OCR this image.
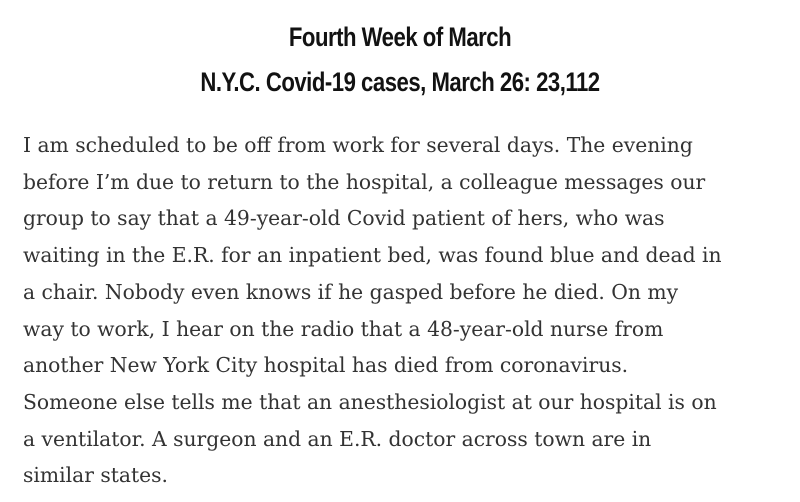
Fourth Week of March
N.Y.C. Covid-19 cases, March 26: 23,112

I am scheduled to be off from work for several days. The evening
before I’m due to return to the hospital, a colleague messages our
group to say that a 49-year-old Covid patient of hers, who was
waiting in the E.R. for an inpatient bed, was found blue and dead in
a chair. Nobody even knows if he gasped before he died. On my
way to work, I hear on the radio that a 48-year-old nurse from
another New York City hospital has died from coronavirus.
Someone else tells me that an anesthesiologist at our hospital is on
a ventilator. A surgeon and an E.R. doctor across town are in
similar states.
